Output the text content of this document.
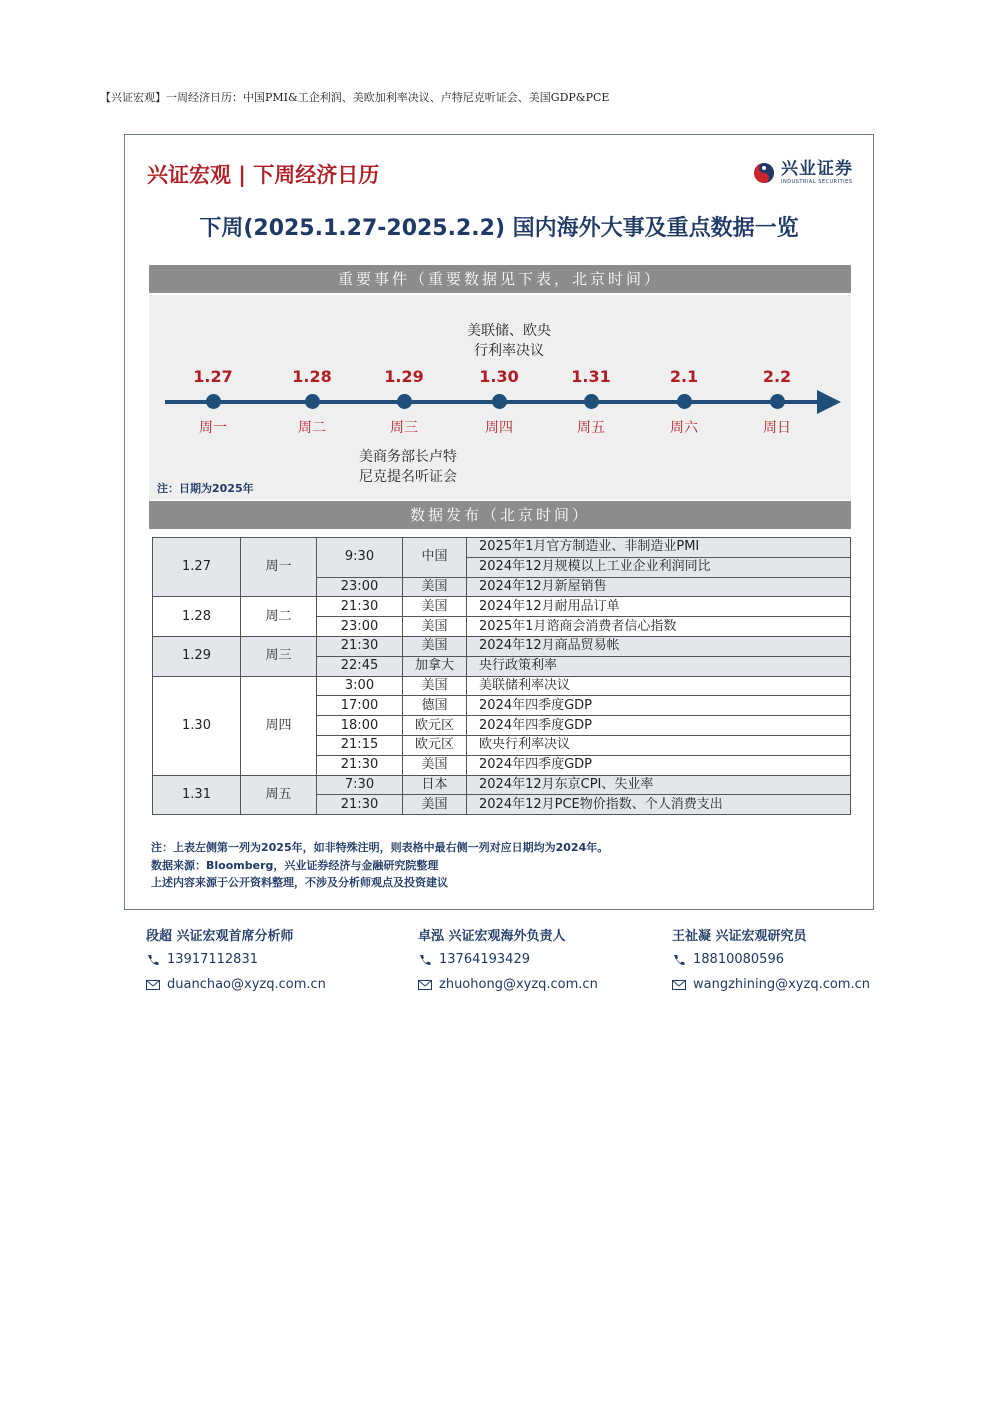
【兴证宏观】一周经济日历：中国PMI&工企利润、美欧加利率决议、卢特尼克听证会、美国GDP&PCE
兴证宏观 | 下周经济日历	兴业证券
INDUSTRIAL SECURITIES
下周(2025.1.27-2025.2.2) 国内海外大事及重点数据一览
重要事件（重要数据见下表，北京时间）
美联储、欧央
行利率决议
1.27
周一
1.28
周二
1.29
周三
1.30
周四
1.31
周五
2.1
周六
2.2
周日
美商务部长卢特
尼克提名听证会
注：日期为2025年
数据发布（北京时间）
1.27	周一	9:30	中国	2025年1月官方制造业、非制造业PMI
				2024年12月规模以上工业企业利润同比
		23:00	美国	2024年12月新屋销售
1.28	周二	21:30	美国	2024年12月耐用品订单
		23:00	美国	2025年1月谘商会消费者信心指数
1.29	周三	21:30	美国	2024年12月商品贸易帐
		22:45	加拿大	央行政策利率
1.30	周四	3:00	美国	美联储利率决议
		17:00	德国	2024年四季度GDP
		18:00	欧元区	2024年四季度GDP
		21:15	欧元区	欧央行利率决议
		21:30	美国	2024年四季度GDP
1.31	周五	7:30	日本	2024年12月东京CPI、失业率
		21:30	美国	2024年12月PCE物价指数、个人消费支出
注：上表左侧第一列为2025年，如非特殊注明，则表格中最右侧一列对应日期均为2024年。
数据来源：Bloomberg，兴业证券经济与金融研究院整理
上述内容来源于公开资料整理，不涉及分析师观点及投资建议
段超 兴证宏观首席分析师
13917112831
duanchao@xyzq.com.cn
卓泓 兴证宏观海外负责人
13764193429
zhuohong@xyzq.com.cn
王祉凝 兴证宏观研究员
18810080596
wangzhining@xyzq.com.cn
